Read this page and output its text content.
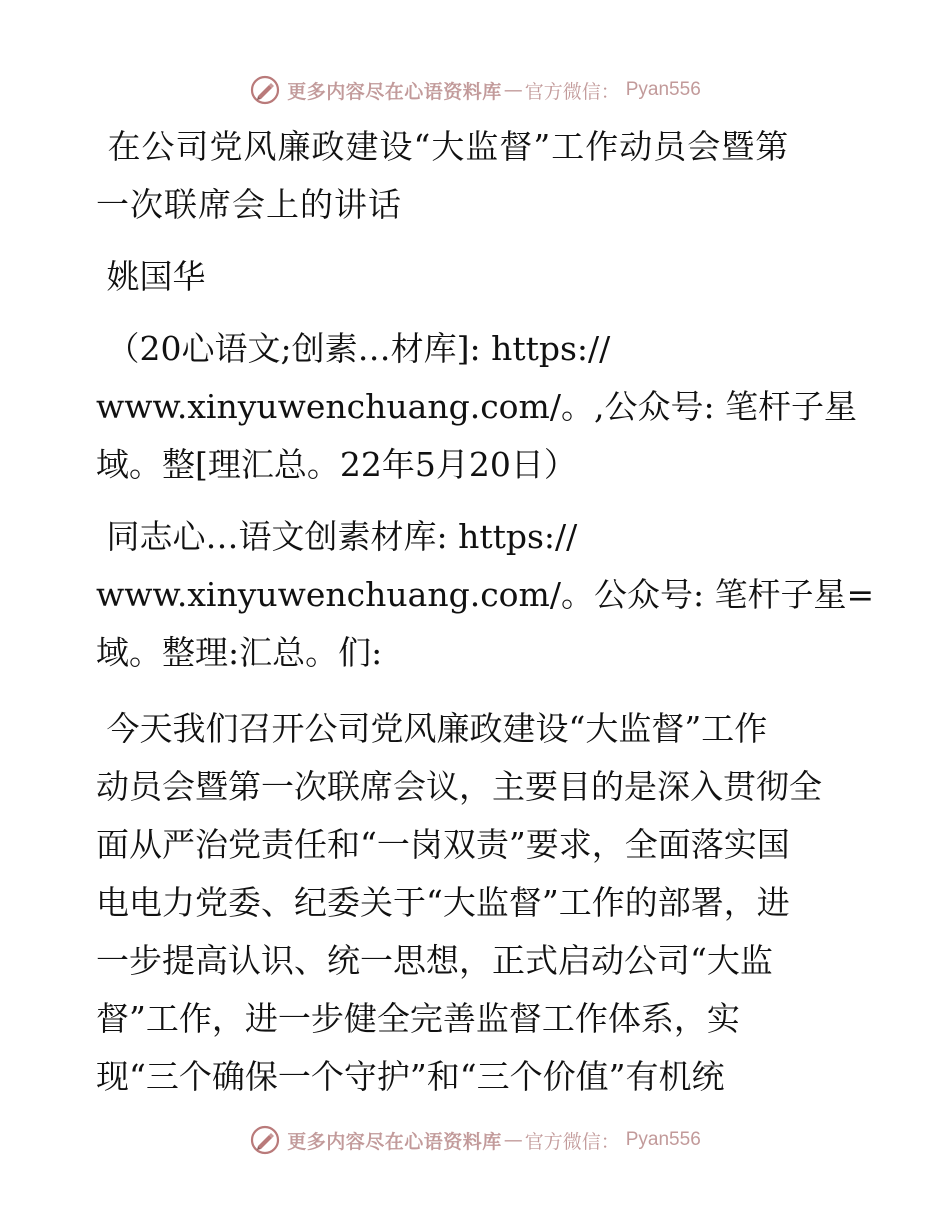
更多内容尽在心语资料库 — 官方微信： Pyan556
在公司党风廉政建设“大监督”工作动员会暨第
一次联席会上的讲话
姚国华
（20心语文;创素…材库]: https://
www.xinyuwenchuang.com/。,公众号: 笔杆子星
域。整[理汇总。22年5月20日）
同志心…语文创素材库: https://
www.xinyuwenchuang.com/。公众号: 笔杆子星=
域。整理:汇总。们:
今天我们召开公司党风廉政建设“大监督”工作
动员会暨第一次联席会议，主要目的是深入贯彻全
面从严治党责任和“一岗双责”要求，全面落实国
电电力党委、纪委关于“大监督”工作的部署，进
一步提高认识、统一思想，正式启动公司“大监
督”工作，进一步健全完善监督工作体系，实
现“三个确保一个守护”和“三个价值”有机统
更多内容尽在心语资料库 — 官方微信： Pyan556
